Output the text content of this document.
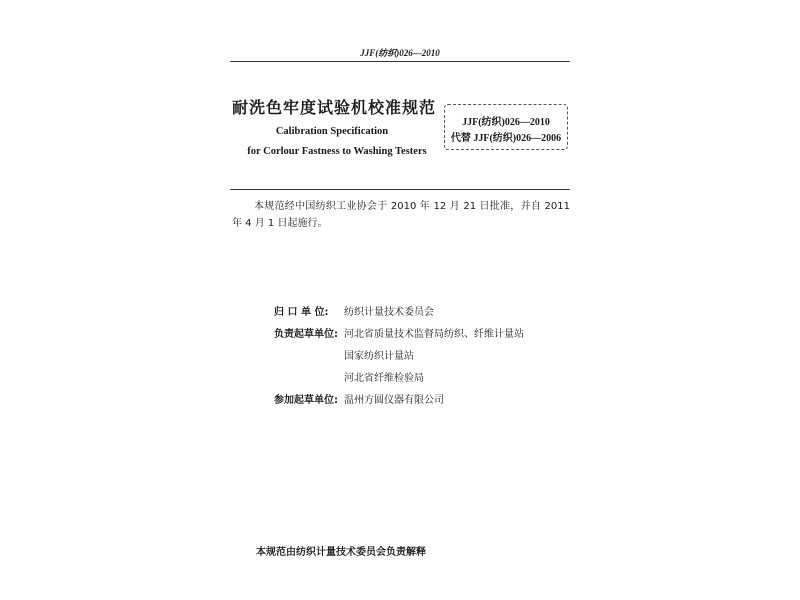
JJF(纺织)026—2010
耐洗色牢度试验机校准规范
Calibration Specification
for Corlour Fastness to Washing Testers
JJF(纺织)026—2010
代替 JJF(纺织)026—2006
本规范经中国纺织工业协会于 2010 年 12 月 21 日批准，并自 2011 年 4 月 1 日起施行。
归 口 单 位: 纺织计量技术委员会
负责起草单位: 河北省质量技术监督局纺织、纤维计量站
国家纺织计量站
河北省纤维检验局
参加起草单位: 温州方圆仪器有限公司
本规范由纺织计量技术委员会负责解释
